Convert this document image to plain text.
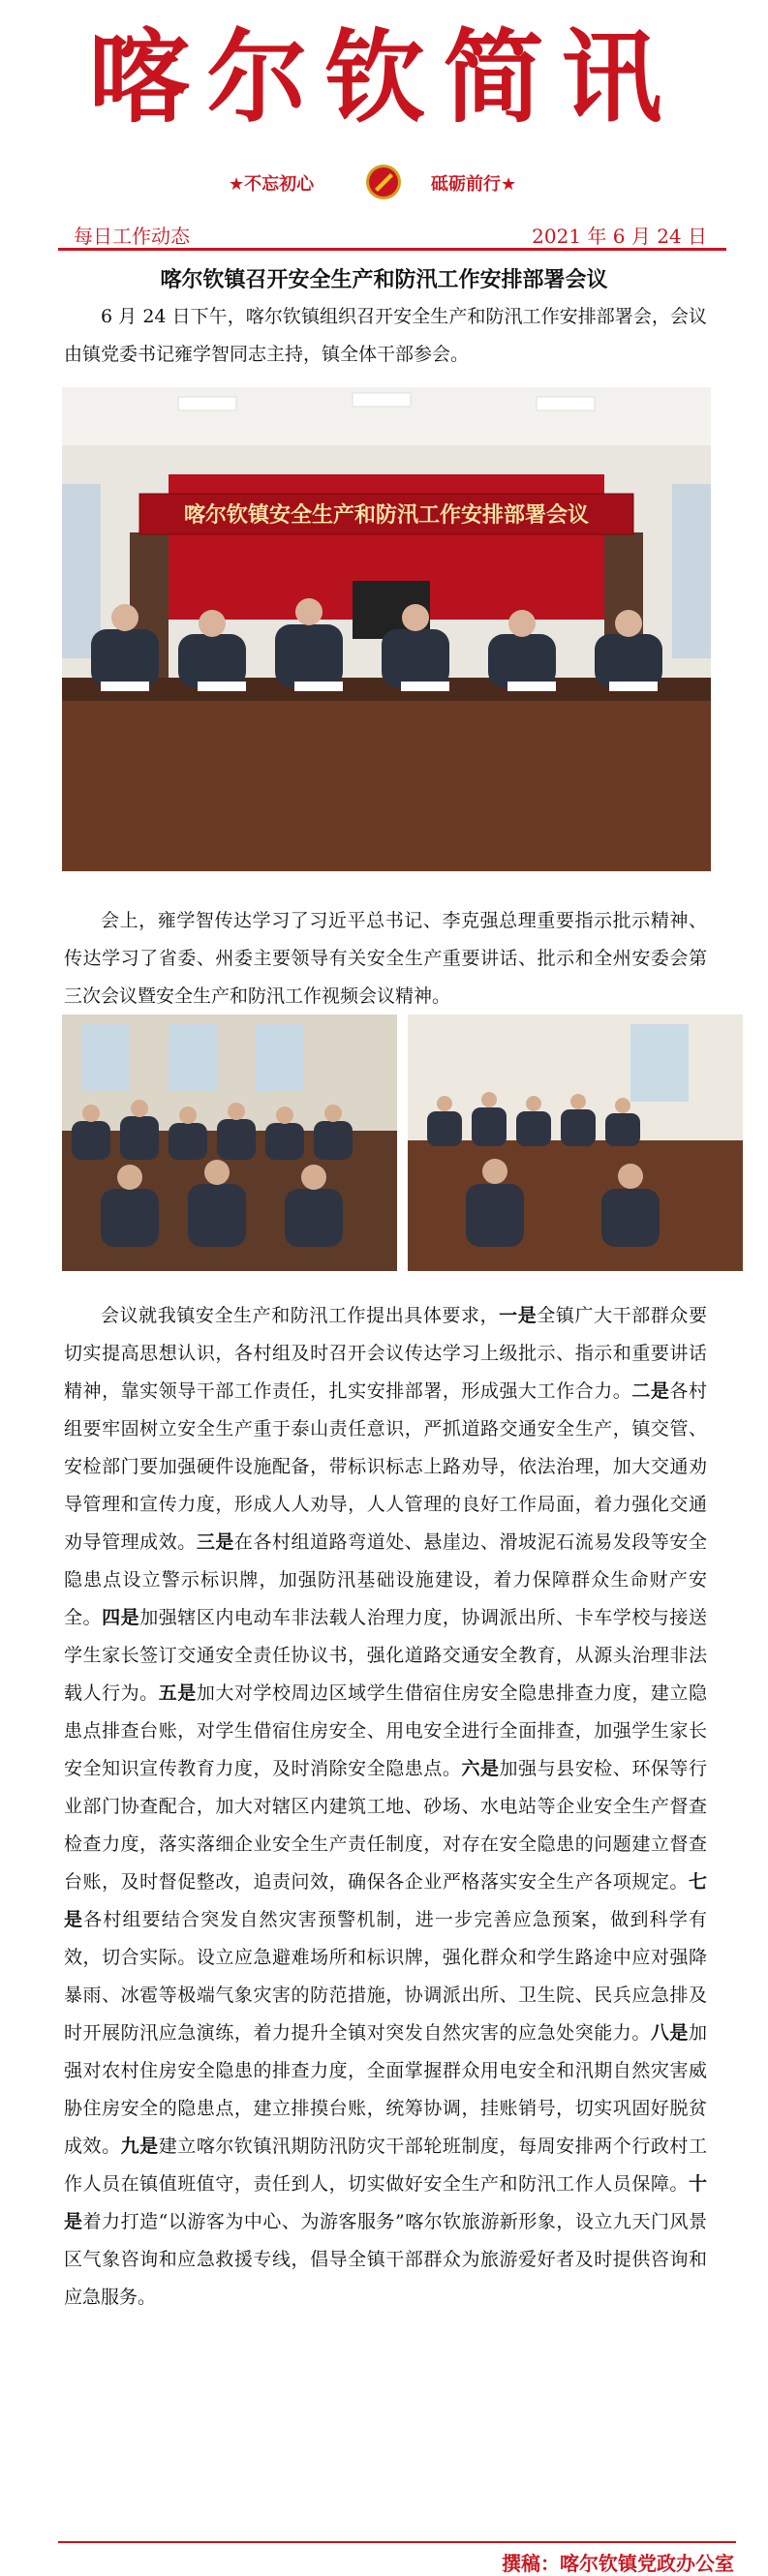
喀尔钦简讯
★不忘初心	砥砺前行★
每日工作动态	2021 年 6 月 24 日
喀尔钦镇召开安全生产和防汛工作安排部署会议

6 月 24 日下午，喀尔钦镇组织召开安全生产和防汛工作安排部署会，会议由镇党委书记雍学智同志主持，镇全体干部参会。

喀尔钦镇安全生产和防汛工作安排部署会议

会上，雍学智传达学习了习近平总书记、李克强总理重要指示批示精神、传达学习了省委、州委主要领导有关安全生产重要讲话、批示和全州安委会第三次会议暨安全生产和防汛工作视频会议精神。

会议就我镇安全生产和防汛工作提出具体要求，一是全镇广大干部群众要切实提高思想认识，各村组及时召开会议传达学习上级批示、指示和重要讲话精神，靠实领导干部工作责任，扎实安排部署，形成强大工作合力。二是各村组要牢固树立安全生产重于泰山责任意识，严抓道路交通安全生产，镇交管、安检部门要加强硬件设施配备，带标识标志上路劝导，依法治理，加大交通劝导管理和宣传力度，形成人人劝导，人人管理的良好工作局面，着力强化交通劝导管理成效。三是在各村组道路弯道处、悬崖边、滑坡泥石流易发段等安全隐患点设立警示标识牌，加强防汛基础设施建设，着力保障群众生命财产安全。四是加强辖区内电动车非法载人治理力度，协调派出所、卡车学校与接送学生家长签订交通安全责任协议书，强化道路交通安全教育，从源头治理非法载人行为。五是加大对学校周边区域学生借宿住房安全隐患排查力度，建立隐患点排查台账，对学生借宿住房安全、用电安全进行全面排查，加强学生家长安全知识宣传教育力度，及时消除安全隐患点。六是加强与县安检、环保等行业部门协查配合，加大对辖区内建筑工地、砂场、水电站等企业安全生产督查检查力度，落实落细企业安全生产责任制度，对存在安全隐患的问题建立督查台账，及时督促整改，追责问效，确保各企业严格落实安全生产各项规定。七是各村组要结合突发自然灾害预警机制，进一步完善应急预案，做到科学有效，切合实际。设立应急避难场所和标识牌，强化群众和学生路途中应对强降暴雨、冰雹等极端气象灾害的防范措施，协调派出所、卫生院、民兵应急排及时开展防汛应急演练，着力提升全镇对突发自然灾害的应急处突能力。八是加强对农村住房安全隐患的排查力度，全面掌握群众用电安全和汛期自然灾害威胁住房安全的隐患点，建立排摸台账，统筹协调，挂账销号，切实巩固好脱贫成效。九是建立喀尔钦镇汛期防汛防灾干部轮班制度，每周安排两个行政村工作人员在镇值班值守，责任到人，切实做好安全生产和防汛工作人员保障。十是着力打造“以游客为中心、为游客服务”喀尔钦旅游新形象，设立九天门风景区气象咨询和应急救援专线，倡导全镇干部群众为旅游爱好者及时提供咨询和应急服务。

撰稿：喀尔钦镇党政办公室
